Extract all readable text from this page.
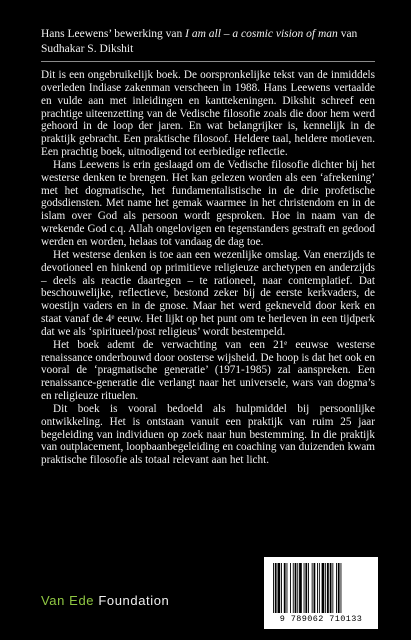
Hans Leewens’ bewerking van I am all – a cosmic vision of man van
Sudhakar S. Dikshit

Dit is een ongebruikelijk boek. De oorspronkelijke tekst van de inmiddels overleden Indiase zakenman verscheen in 1988. Hans Leewens vertaalde en vulde aan met inleidingen en kanttekeningen. Dikshit schreef een prachtige uiteenzetting van de Vedische filosofie zoals die door hem werd gehoord in de loop der jaren. En wat belangrijker is, kennelijk in de praktijk gebracht. Een praktische filosoof. Heldere taal, heldere motieven. Een prachtig boek, uitnodigend tot eerbiedige reflectie.

Hans Leewens is erin geslaagd om de Vedische filosofie dichter bij het westerse denken te brengen. Het kan gelezen worden als een ‘afrekening’ met het dogmatische, het fundamentalistische in de drie profetische godsdiensten. Met name het gemak waarmee in het christendom en in de islam over God als persoon wordt gesproken. Hoe in naam van de wrekende God c.q. Allah ongelovigen en tegenstanders gestraft en gedood werden en worden, helaas tot vandaag de dag toe.

Het westerse denken is toe aan een wezenlijke omslag. Van enerzijds te devotioneel en hinkend op primitieve religieuze archetypen en anderzijds – deels als reactie daartegen – te rationeel, naar contemplatief. Dat beschouwelijke, reflectieve, bestond zeker bij de eerste kerkvaders, de woestijn vaders en in de gnose. Maar het werd gekneveld door kerk en staat vanaf de 4ᵉ eeuw. Het lijkt op het punt om te herleven in een tijdperk dat we als ‘spiritueel/post religieus’ wordt bestempeld.

Het boek ademt de verwachting van een 21ᵉ eeuwse westerse renaissance onderbouwd door oosterse wijsheid. De hoop is dat het ook en vooral de ‘pragmatische generatie’ (1971-1985) zal aanspreken. Een renaissance-generatie die verlangt naar het universele, wars van dogma’s en religieuze rituelen.

Dit boek is vooral bedoeld als hulpmiddel bij persoonlijke ontwikkeling. Het is ontstaan vanuit een praktijk van ruim 25 jaar begeleiding van individuen op zoek naar hun bestemming. In die praktijk van outplacement, loopbaanbegeleiding en coaching van duizenden kwam praktische filosofie als totaal relevant aan het licht.

Van Ede Foundation
9 789062 710133
